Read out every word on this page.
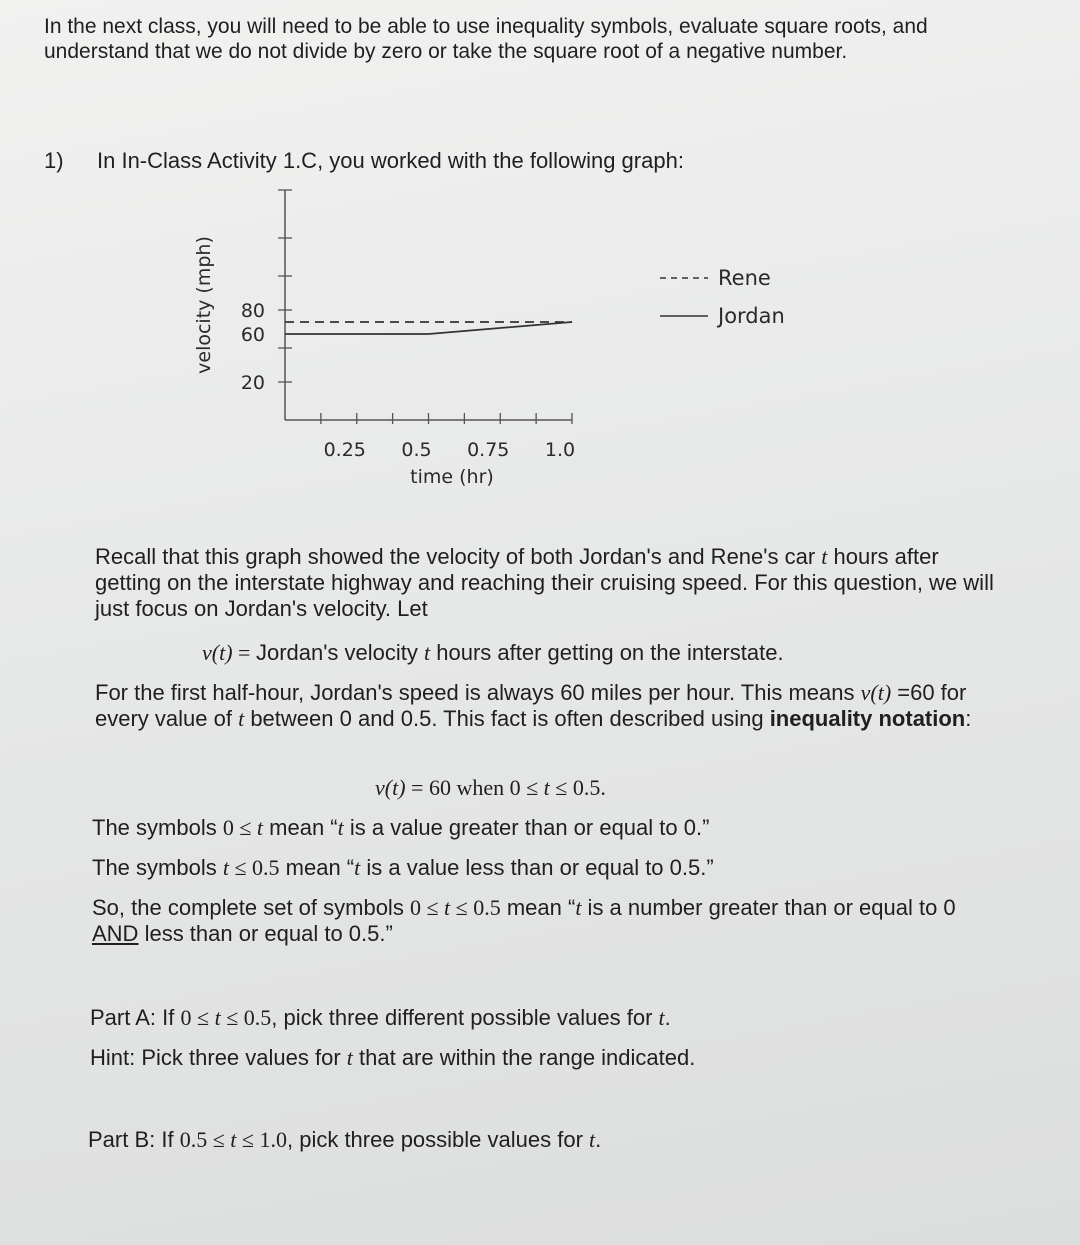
In the next class, you will need to be able to use inequality symbols, evaluate square roots, and understand that we do not divide by zero or take the square root of a negative number.

1) In In-Class Activity 1.C, you worked with the following graph:
80
60
20
0.25 0.5 0.75 1.0
time (hr)
velocity (mph)	Rene
Jordan
Recall that this graph showed the velocity of both Jordan's and Rene's car t hours after getting on the interstate highway and reaching their cruising speed. For this question, we will just focus on Jordan's velocity. Let
v(t) = Jordan's velocity t hours after getting on the interstate.
For the first half-hour, Jordan's speed is always 60 miles per hour. This means v(t) =60 for every value of t between 0 and 0.5. This fact is often described using inequality notation:
v(t) = 60 when 0 ≤ t ≤ 0.5.
The symbols 0 ≤ t mean “t is a value greater than or equal to 0.”
The symbols t ≤ 0.5 mean “t is a value less than or equal to 0.5.”
So, the complete set of symbols 0 ≤ t ≤ 0.5 mean “t is a number greater than or equal to 0 AND less than or equal to 0.5.”
Part A: If 0 ≤ t ≤ 0.5, pick three different possible values for t.
Hint: Pick three values for t that are within the range indicated.
Part B: If 0.5 ≤ t ≤ 1.0, pick three possible values for t.
